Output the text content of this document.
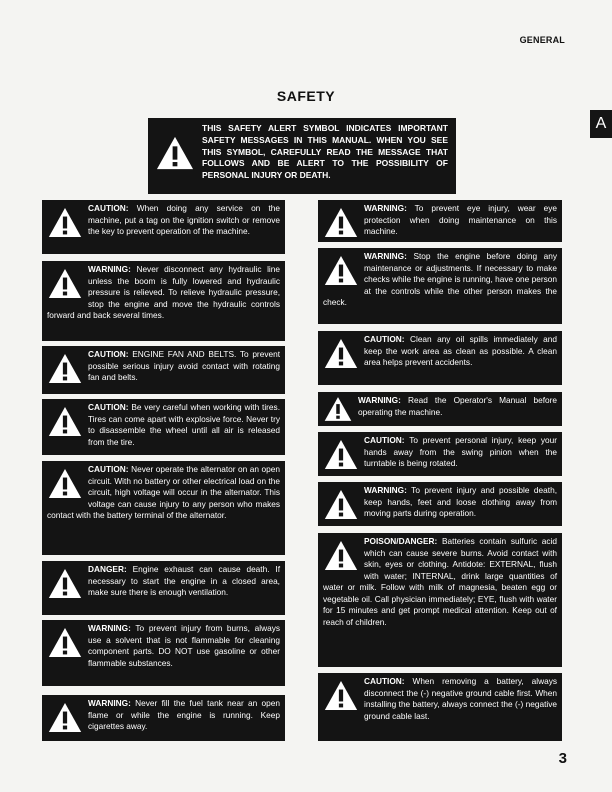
GENERAL
A
SAFETY
THIS SAFETY ALERT SYMBOL INDICATES IMPORTANT SAFETY MESSAGES IN THIS MANUAL. WHEN YOU SEE THIS SYMBOL, CAREFULLY READ THE MESSAGE THAT FOLLOWS AND BE ALERT TO THE POSSIBILITY OF PERSONAL INJURY OR DEATH.
CAUTION: When doing any service on the machine, put a tag on the ignition switch or remove the key to prevent operation of the machine.
WARNING: Never disconnect any hydraulic line unless the boom is fully lowered and hydraulic pressure is relieved. To relieve hydraulic pressure, stop the engine and move the hydraulic controls forward and back several times.
CAUTION: ENGINE FAN AND BELTS. To prevent possible serious injury avoid contact with rotating fan and belts.
CAUTION: Be very careful when working with tires. Tires can come apart with explosive force. Never try to disassemble the wheel until all air is released from the tire.
CAUTION: Never operate the alternator on an open circuit. With no battery or other electrical load on the circuit, high voltage will occur in the alternator. This voltage can cause injury to any person who makes contact with the battery terminal of the alternator.
DANGER: Engine exhaust can cause death. If necessary to start the engine in a closed area, make sure there is enough ventilation.
WARNING: To prevent injury from burns, always use a solvent that is not flammable for cleaning component parts. DO NOT use gasoline or other flammable substances.
WARNING: Never fill the fuel tank near an open flame or while the engine is running. Keep cigarettes away.
WARNING: To prevent eye injury, wear eye protection when doing maintenance on this machine.
WARNING: Stop the engine before doing any maintenance or adjustments. If necessary to make checks while the engine is running, have one person at the controls while the other person makes the check.
CAUTION: Clean any oil spills immediately and keep the work area as clean as possible. A clean area helps prevent accidents.
WARNING: Read the Operator's Manual before operating the machine.
CAUTION: To prevent personal injury, keep your hands away from the swing pinion when the turntable is being rotated.
WARNING: To prevent injury and possible death, keep hands, feet and loose clothing away from moving parts during operation.
POISON/DANGER: Batteries contain sulfuric acid which can cause severe burns. Avoid contact with skin, eyes or clothing. Antidote: EXTERNAL, flush with water; INTERNAL, drink large quantities of water or milk. Follow with milk of magnesia, beaten egg or vegetable oil. Call physician immediately; EYE, flush with water for 15 minutes and get prompt medical attention. Keep out of reach of children.
CAUTION: When removing a battery, always disconnect the (-) negative ground cable first. When installing the battery, always connect the (-) negative ground cable last.
3
